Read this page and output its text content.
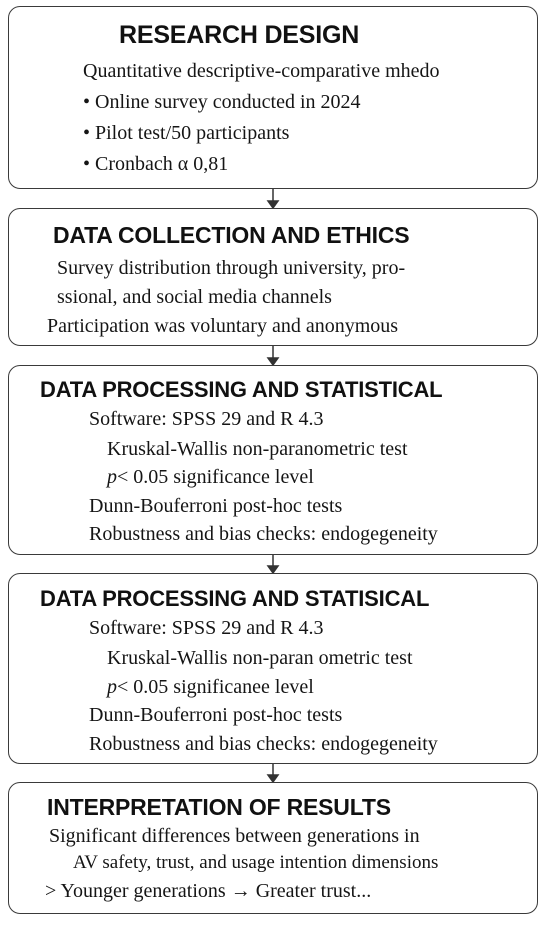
RESEARCH DESIGN
Quantitative descriptive-comparative mhedo
• Online survey conducted in 2024
• Pilot test/50 participants
• Cronbach α 0,81
DATA COLLECTION AND ETHICS
Survey distribution through university, pro-
ssional, and social media channels
Participation was voluntary and anonymous
DATA PROCESSING AND STATISTICAL
Software: SPSS 29 and R 4.3
Kruskal-Wallis non-paranometric test
p< 0.05 significance level
Dunn-Bouferroni post-hoc tests
Robustness and bias checks: endogegeneity
DATA PROCESSING AND STATISICAL
Software: SPSS 29 and R 4.3
Kruskal-Wallis non-paran ometric test
p< 0.05 significanee level
Dunn-Bouferroni post-hoc tests
Robustness and bias checks: endogegeneity
INTERPRETATION OF RESULTS
Significant differences between generations in
AV safety, trust, and usage intention dimensions
> Younger generations → Greater trust...
